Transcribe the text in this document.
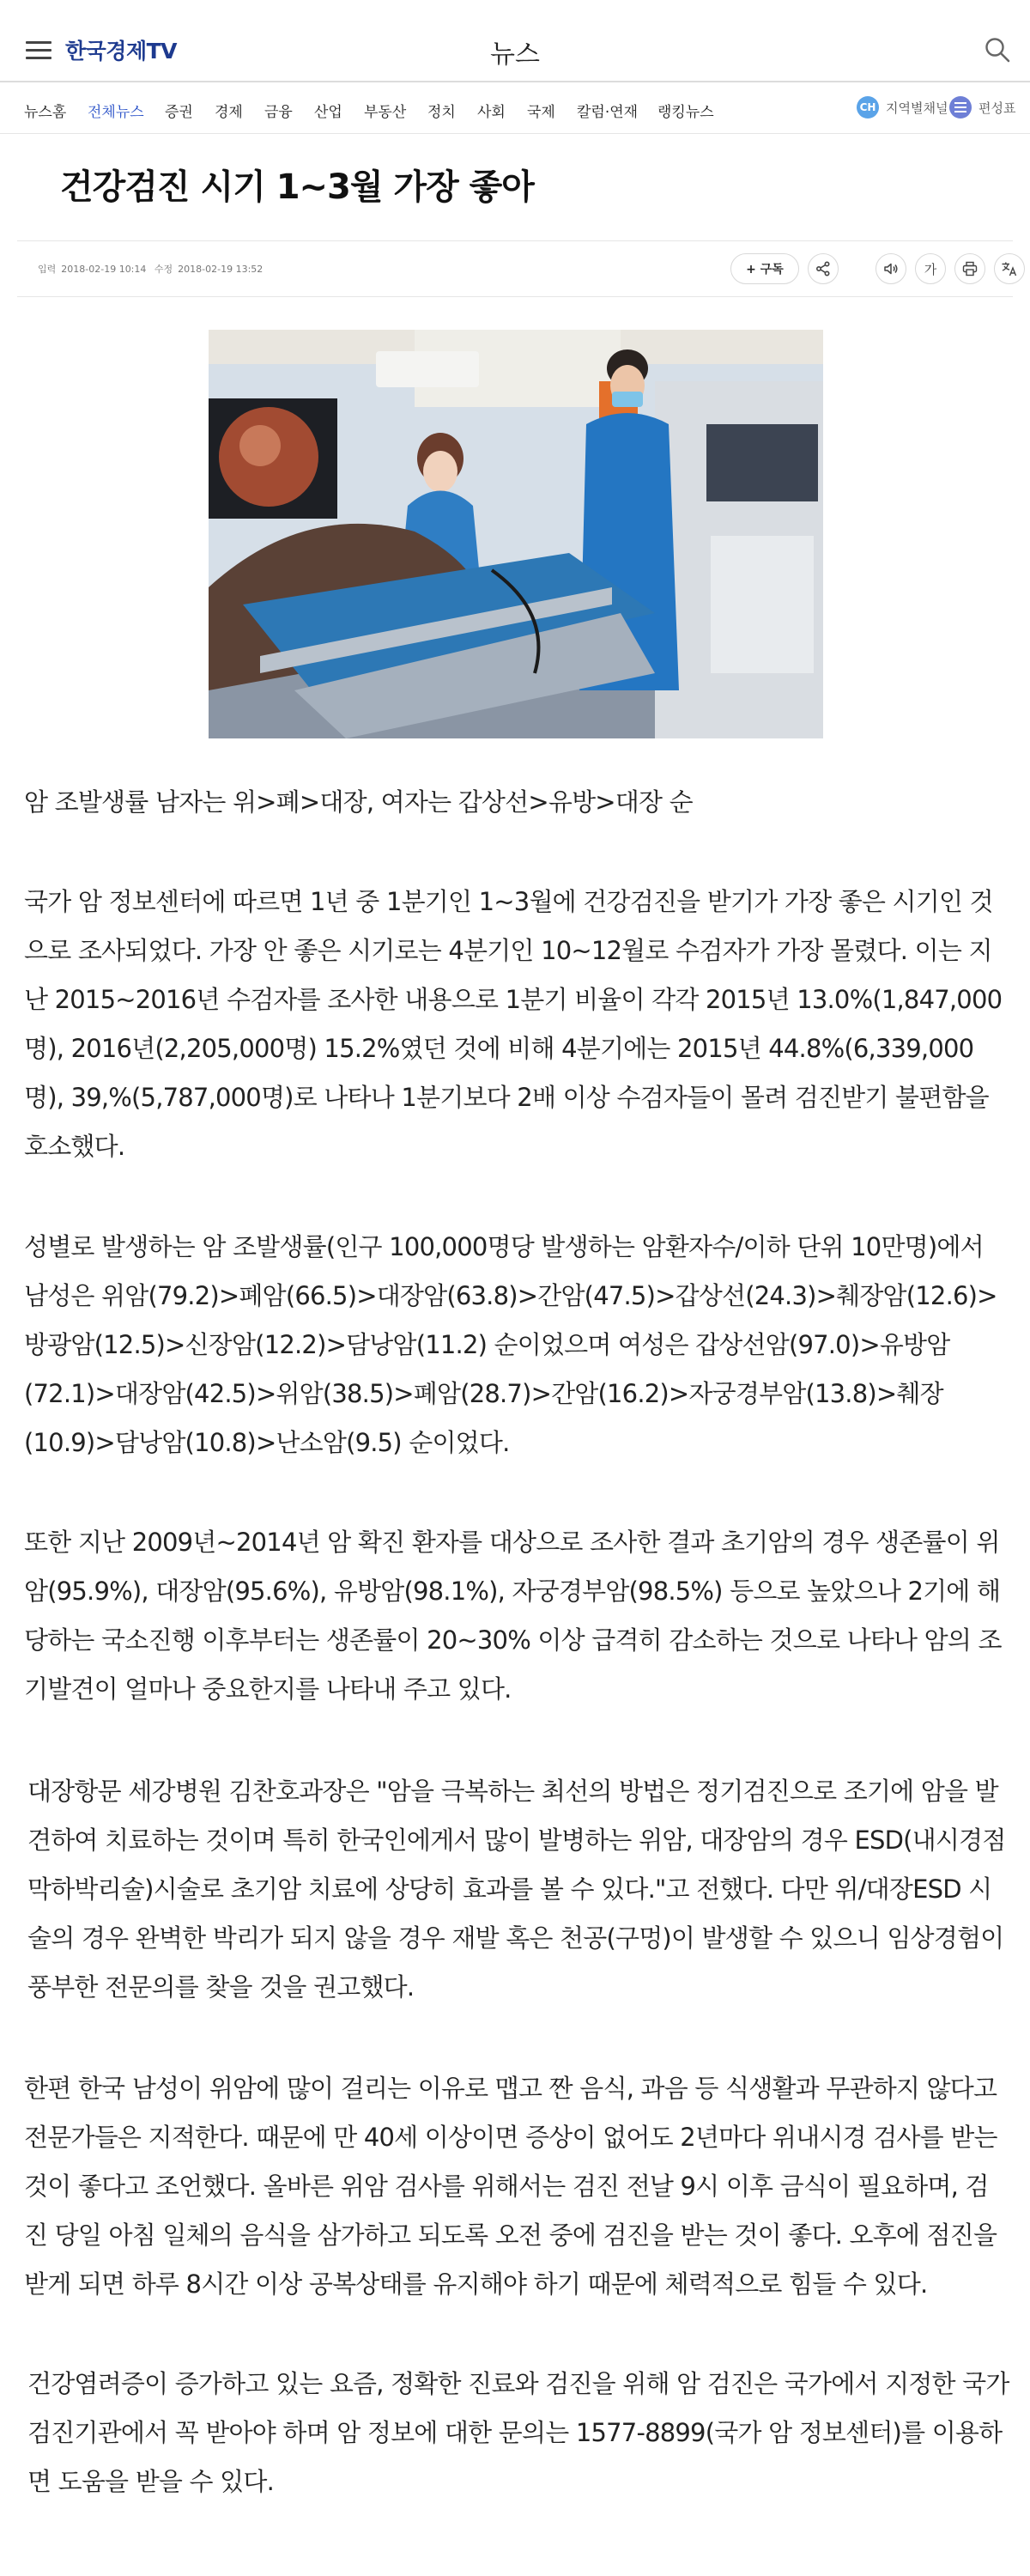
한국경제TV	뉴스
뉴스홈 전체뉴스 증권 경제 금융 산업 부동산 정치 사회 국제 칼럼·연재 랭킹뉴스	CH 지역별채널 편성표
건강검진 시기 1~3월 가장 좋아
입력 2018-02-19 10:14 수정 2018-02-19 13:52	+ 구독	가
암 조발생률 남자는 위>폐>대장, 여자는 갑상선>유방>대장 순
국가 암 정보센터에 따르면 1년 중 1분기인 1~3월에 건강검진을 받기가 가장 좋은 시기인 것으로 조사되었다. 가장 안 좋은 시기로는 4분기인 10~12월로 수검자가 가장 몰렸다. 이는 지난 2015~2016년 수검자를 조사한 내용으로 1분기 비율이 각각 2015년 13.0%(1,847,000명), 2016년(2,205,000명) 15.2%였던 것에 비해 4분기에는 2015년 44.8%(6,339,000명), 39,%(5,787,000명)로 나타나 1분기보다 2배 이상 수검자들이 몰려 검진받기 불편함을 호소했다.
성별로 발생하는 암 조발생률(인구 100,000명당 발생하는 암환자수/이하 단위 10만명)에서 남성은 위암(79.2)>폐암(66.5)>대장암(63.8)>간암(47.5)>갑상선(24.3)>췌장암(12.6)>방광암(12.5)>신장암(12.2)>담낭암(11.2) 순이었으며 여성은 갑상선암(97.0)>유방암(72.1)>대장암(42.5)>위암(38.5)>폐암(28.7)>간암(16.2)>자궁경부암(13.8)>췌장(10.9)>담낭암(10.8)>난소암(9.5) 순이었다.
또한 지난 2009년~2014년 암 확진 환자를 대상으로 조사한 결과 초기암의 경우 생존률이 위암(95.9%), 대장암(95.6%), 유방암(98.1%), 자궁경부암(98.5%) 등으로 높았으나 2기에 해당하는 국소진행 이후부터는 생존률이 20~30% 이상 급격히 감소하는 것으로 나타나 암의 조기발견이 얼마나 중요한지를 나타내 주고 있다.
대장항문 세강병원 김찬호과장은 "암을 극복하는 최선의 방법은 정기검진으로 조기에 암을 발견하여 치료하는 것이며 특히 한국인에게서 많이 발병하는 위암, 대장암의 경우 ESD(내시경점막하박리술)시술로 초기암 치료에 상당히 효과를 볼 수 있다."고 전했다. 다만 위/대장ESD 시술의 경우 완벽한 박리가 되지 않을 경우 재발 혹은 천공(구멍)이 발생할 수 있으니 임상경험이 풍부한 전문의를 찾을 것을 권고했다.
한편 한국 남성이 위암에 많이 걸리는 이유로 맵고 짠 음식, 과음 등 식생활과 무관하지 않다고 전문가들은 지적한다. 때문에 만 40세 이상이면 증상이 없어도 2년마다 위내시경 검사를 받는 것이 좋다고 조언했다. 올바른 위암 검사를 위해서는 검진 전날 9시 이후 금식이 필요하며, 검진 당일 아침 일체의 음식을 삼가하고 되도록 오전 중에 검진을 받는 것이 좋다. 오후에 점진을 받게 되면 하루 8시간 이상 공복상태를 유지해야 하기 때문에 체력적으로 힘들 수 있다.
건강염려증이 증가하고 있는 요즘, 정확한 진료와 검진을 위해 암 검진은 국가에서 지정한 국가검진기관에서 꼭 받아야 하며 암 정보에 대한 문의는 1577-8899(국가 암 정보센터)를 이용하면 도움을 받을 수 있다.
